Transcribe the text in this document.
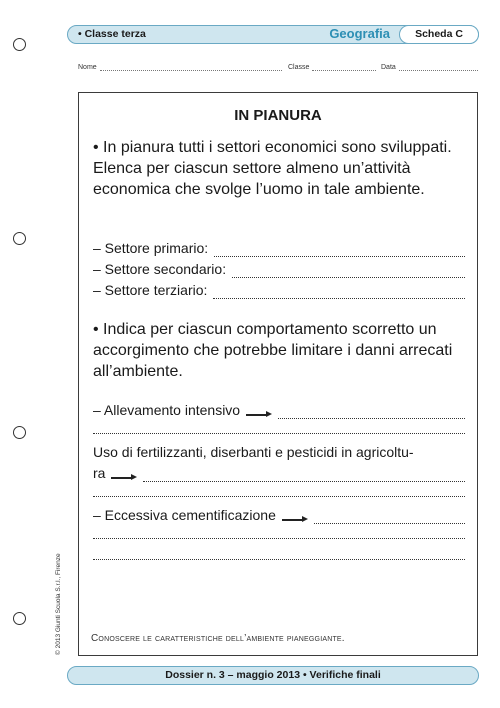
• Classe terza	Geografia	Scheda C
Nome	Classe	Data
IN PIANURA
• In pianura tutti i settori economici sono sviluppati. Elenca per ciascun settore almeno un’attività economica che svolge l’uomo in tale ambiente.
– Settore primario:
– Settore secondario:
– Settore terziario:
• Indica per ciascun comportamento scorretto un accorgimento che potrebbe limitare i danni arrecati all’ambiente.
– Allevamento intensivo
Uso di fertilizzanti, diserbanti e pesticidi in agricoltu-
ra
– Eccessiva cementificazione
Conoscere le caratteristiche dell’ambiente pianeggiante.
© 2013 Giunti Scuola S.r.l., Firenze
Dossier n. 3 – maggio 2013 • Verifiche finali
